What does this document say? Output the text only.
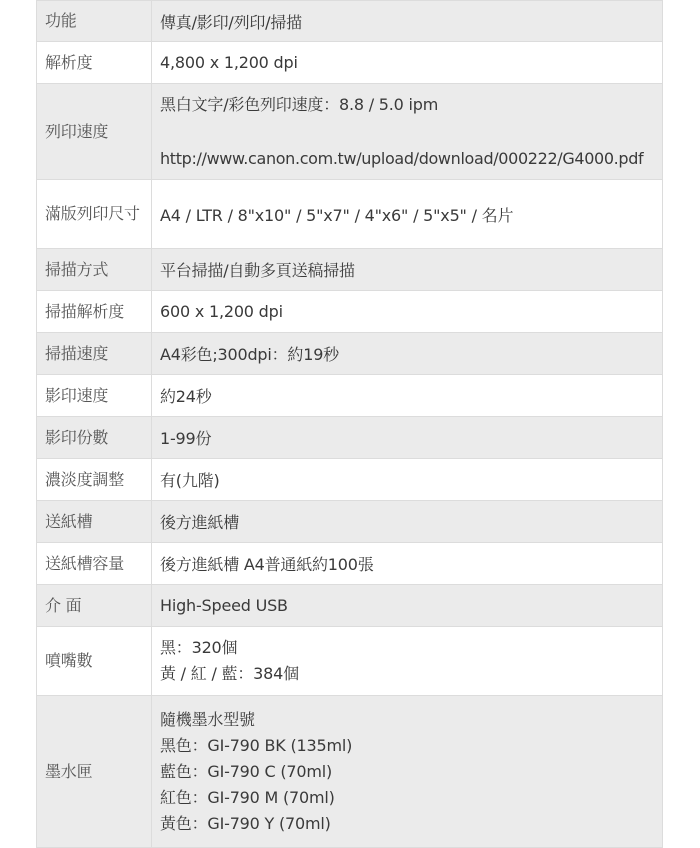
功能	傳真/影印/列印/掃描
解析度	4,800 x 1,200 dpi
列印速度	黑白文字/彩色列印速度：8.8 / 5.0 ipm
http://www.canon.com.tw/upload/download/000222/G4000.pdf

滿版列印尺寸	A4 / LTR / 8"x10" / 5"x7" / 4"x6" / 5"x5" / 名片
掃描方式	平台掃描/自動多頁送稿掃描
掃描解析度	600 x 1,200 dpi
掃描速度	A4彩色;300dpi：約19秒
影印速度	約24秒
影印份數	1-99份
濃淡度調整	有(九階)
送紙槽	後方進紙槽
送紙槽容量	後方進紙槽 A4普通紙約100張
介 面	High-Speed USB
噴嘴數	黑：320個
黃 / 紅 / 藍：384個

墨水匣	隨機墨水型號
黑色：GI-790 BK (135ml)
藍色：GI-790 C (70ml)
紅色：GI-790 M (70ml)
黃色：GI-790 Y (70ml)
